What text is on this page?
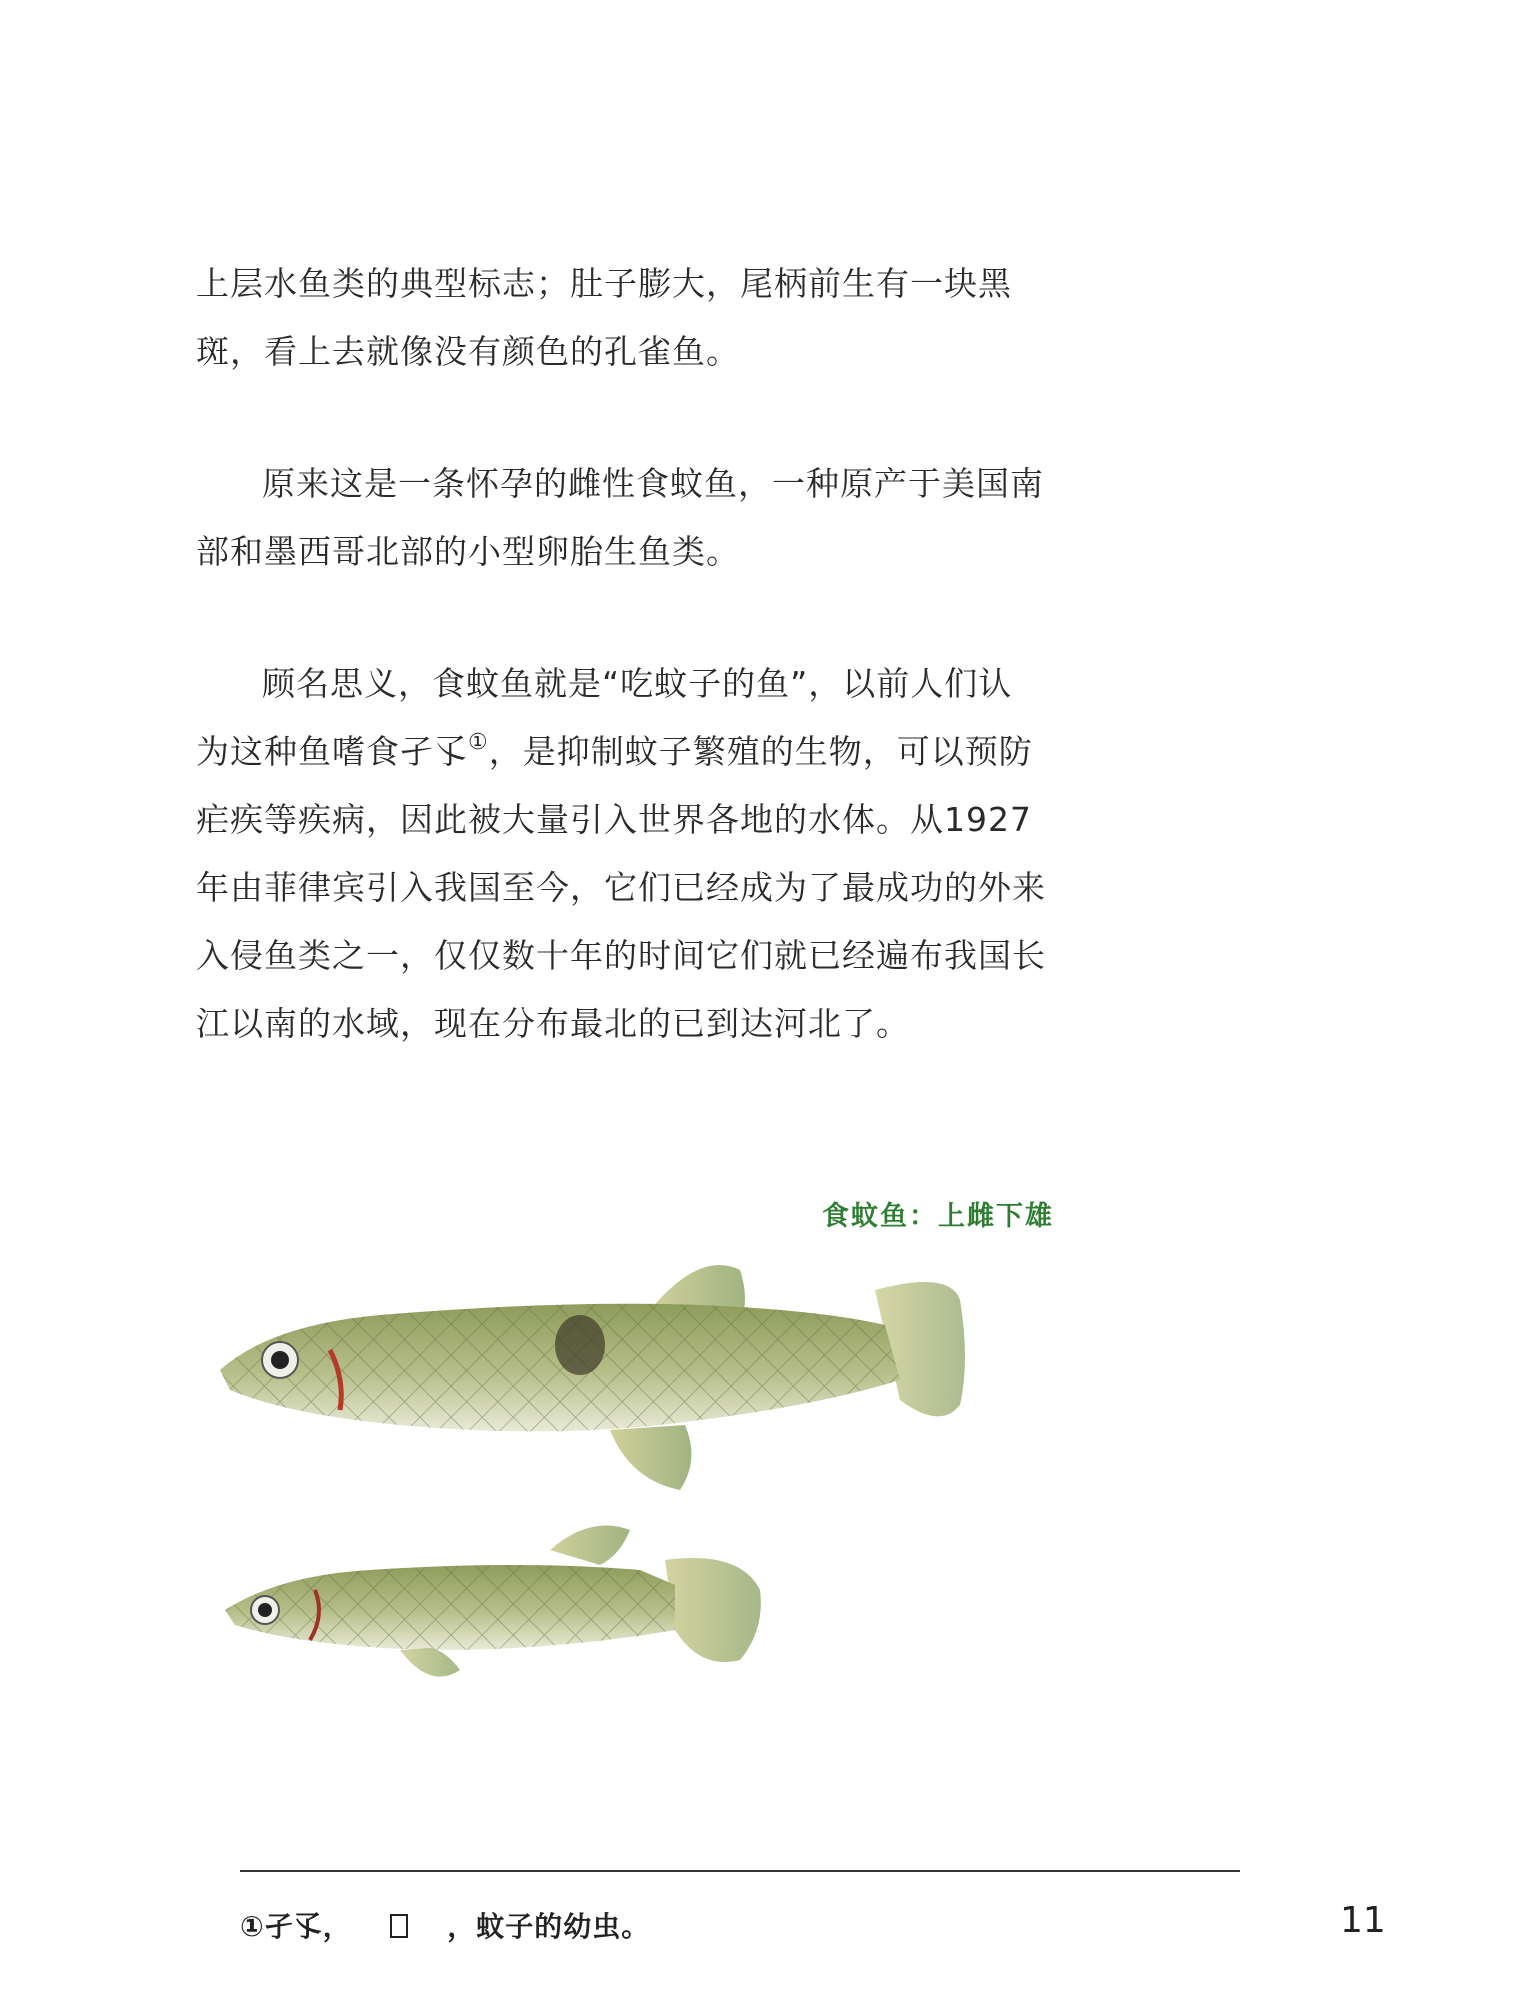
上层水鱼类的典型标志；肚子膨大，尾柄前生有一块黑斑，看上去就像没有颜色的孔雀鱼。

原来这是一条怀孕的雌性食蚊鱼，一种原产于美国南部和墨西哥北部的小型卵胎生鱼类。

顾名思义，食蚊鱼就是“吃蚊子的鱼”，以前人们认为这种鱼嗜食孑孓①，是抑制蚊子繁殖的生物，可以预防疟疾等疾病，因此被大量引入世界各地的水体。从1927 年由菲律宾引入我国至今，它们已经成为了最成功的外来入侵鱼类之一，仅仅数十年的时间它们就已经遍布我国长江以南的水域，现在分布最北的已到达河北了。

食蚊鱼：上雌下雄
①孑孓，	，蚊子的幼虫。	11
